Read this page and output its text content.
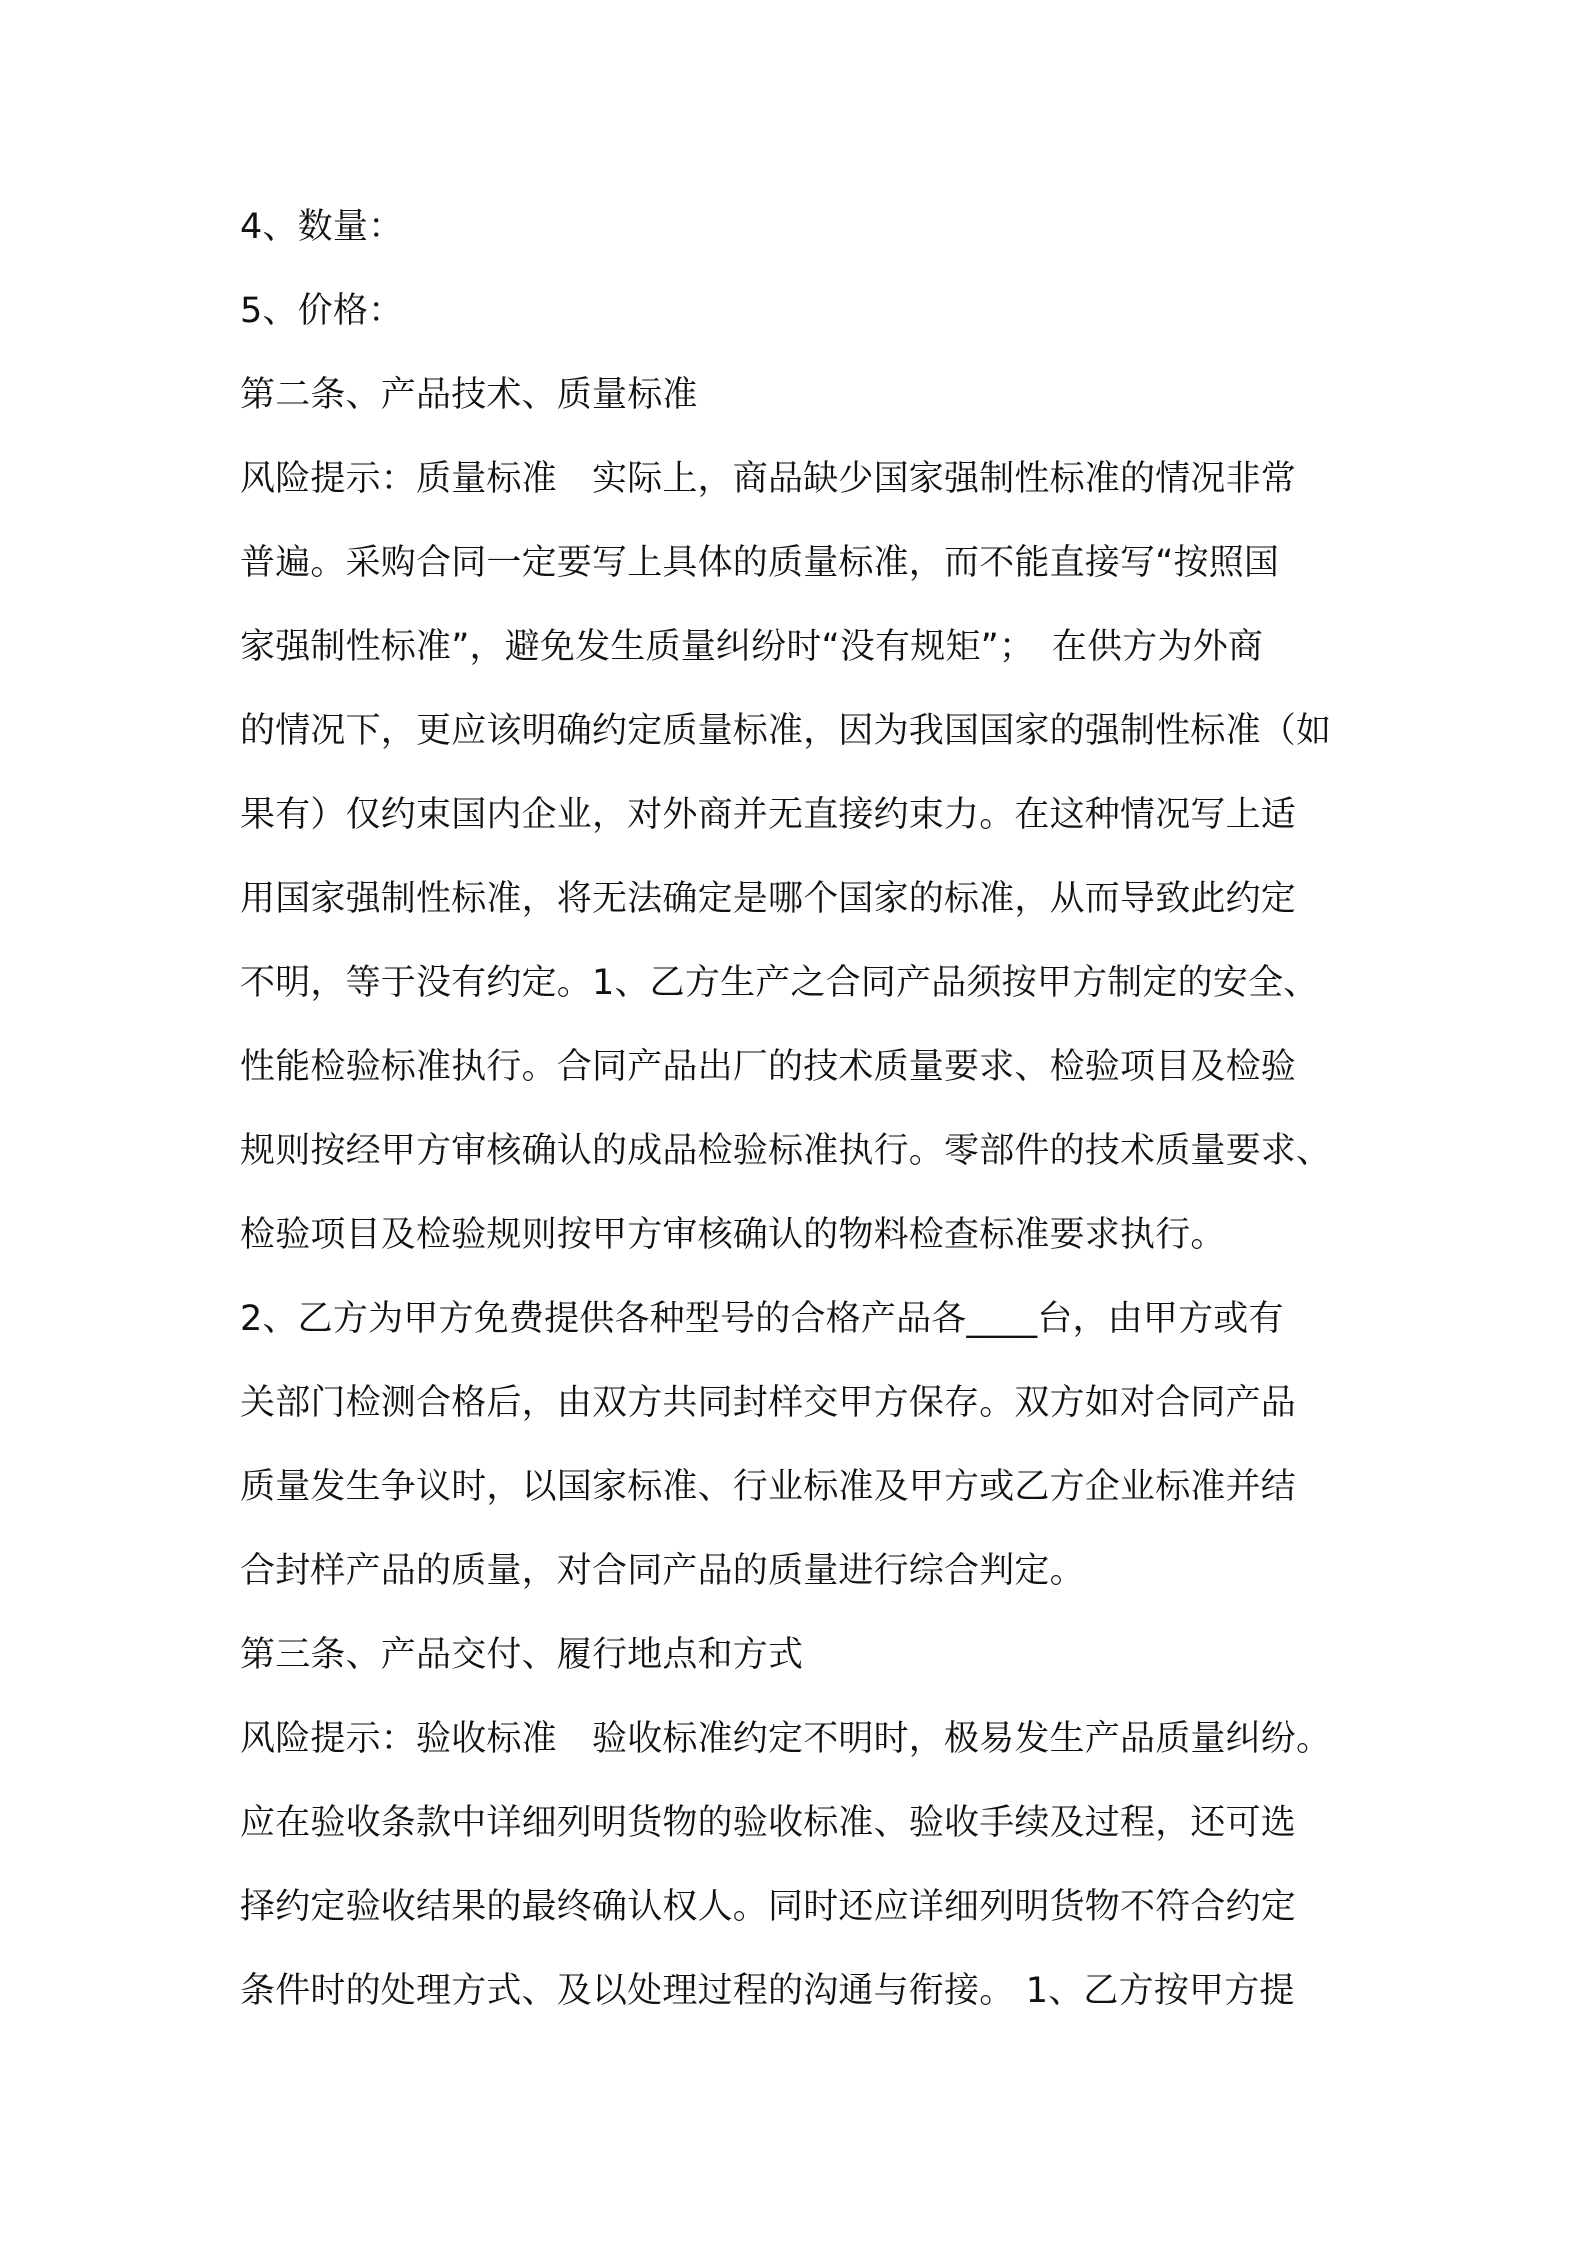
4、数量：
5、价格：
第二条、产品技术、质量标准
风险提示：质量标准　实际上，商品缺少国家强制性标准的情况非常
普遍。采购合同一定要写上具体的质量标准，而不能直接写“按照国
家强制性标准”，避免发生质量纠纷时“没有规矩”；　在供方为外商
的情况下，更应该明确约定质量标准，因为我国国家的强制性标准（如
果有）仅约束国内企业，对外商并无直接约束力。在这种情况写上适
用国家强制性标准，将无法确定是哪个国家的标准，从而导致此约定
不明，等于没有约定。1、乙方生产之合同产品须按甲方制定的安全、
性能检验标准执行。合同产品出厂的技术质量要求、检验项目及检验
规则按经甲方审核确认的成品检验标准执行。零部件的技术质量要求、
检验项目及检验规则按甲方审核确认的物料检查标准要求执行。
2、乙方为甲方免费提供各种型号的合格产品各____台，由甲方或有
关部门检测合格后，由双方共同封样交甲方保存。双方如对合同产品
质量发生争议时，以国家标准、行业标准及甲方或乙方企业标准并结
合封样产品的质量，对合同产品的质量进行综合判定。
第三条、产品交付、履行地点和方式
风险提示：验收标准　验收标准约定不明时，极易发生产品质量纠纷。
应在验收条款中详细列明货物的验收标准、验收手续及过程，还可选
择约定验收结果的最终确认权人。同时还应详细列明货物不符合约定
条件时的处理方式、及以处理过程的沟通与衔接。 1、乙方按甲方提
